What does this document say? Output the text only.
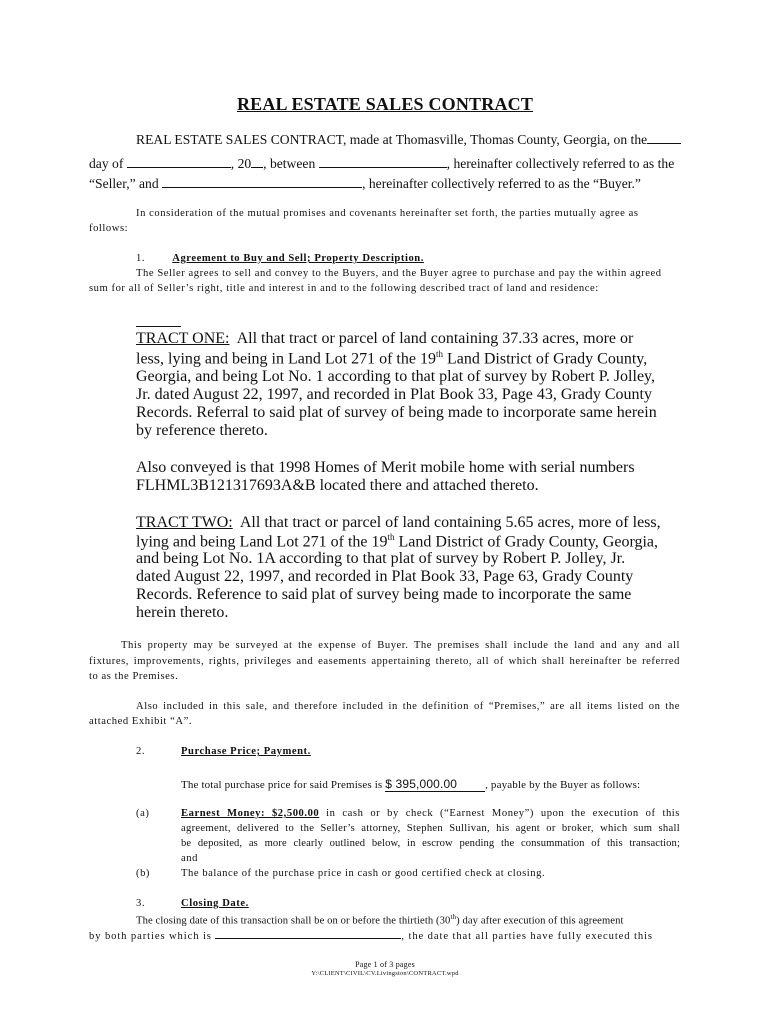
REAL ESTATE SALES CONTRACT
REAL ESTATE SALES CONTRACT, made at Thomasville, Thomas County, Georgia, on the
day of	, 20 , between	, hereinafter collectively referred to as the
“Seller,” and	, hereinafter collectively referred to as the “Buyer.”
In consideration of the mutual promises and covenants hereinafter set forth, the parties mutually agree as
follows:
1.	Agreement to Buy and Sell; Property Description.
The Seller agrees to sell and convey to the Buyers, and the Buyer agree to purchase and pay the within agreed
sum for all of Seller’s right, title and interest in and to the following described tract of land and residence:
TRACT ONE: All that tract or parcel of land containing 37.33 acres, more or
less, lying and being in Land Lot 271 of the 19th Land District of Grady County,
Georgia, and being Lot No. 1 according to that plat of survey by Robert P. Jolley,
Jr. dated August 22, 1997, and recorded in Plat Book 33, Page 43, Grady County
Records. Referral to said plat of survey of being made to incorporate same herein
by reference thereto.
Also conveyed is that 1998 Homes of Merit mobile home with serial numbers
FLHML3B121317693A&B located there and attached thereto.
TRACT TWO: All that tract or parcel of land containing 5.65 acres, more of less,
lying and being Land Lot 271 of the 19th Land District of Grady County, Georgia,
and being Lot No. 1A according to that plat of survey by Robert P. Jolley, Jr.
dated August 22, 1997, and recorded in Plat Book 33, Page 63, Grady County
Records. Reference to said plat of survey being made to incorporate the same
herein thereto.
This property may be surveyed at the expense of Buyer. The premises shall include the land and any and all
fixtures, improvements, rights, privileges and easements appertaining thereto, all of which shall hereinafter be referred
to as the Premises.
Also included in this sale, and therefore included in the definition of “Premises,” are all items listed on the
attached Exhibit “A”.
2.	Purchase Price; Payment.
The total purchase price for said Premises is $ 395,000.00	, payable by the Buyer as follows:
(a)	Earnest Money: $2,500.00 in cash or by check (“Earnest Money”) upon the execution of this
agreement, delivered to the Seller’s attorney, Stephen Sullivan, his agent or broker, which sum shall
be deposited, as more clearly outlined below, in escrow pending the consummation of this transaction;
and
(b)	The balance of the purchase price in cash or good certified check at closing.
3.	Closing Date.
The closing date of this transaction shall be on or before the thirtieth (30th) day after execution of this agreement
by both parties which is	, the date that all parties have fully executed this
Page 1 of 3 pages
Y:\CLIENT\CIVIL\CV.Livingston\CONTRACT.wpd
